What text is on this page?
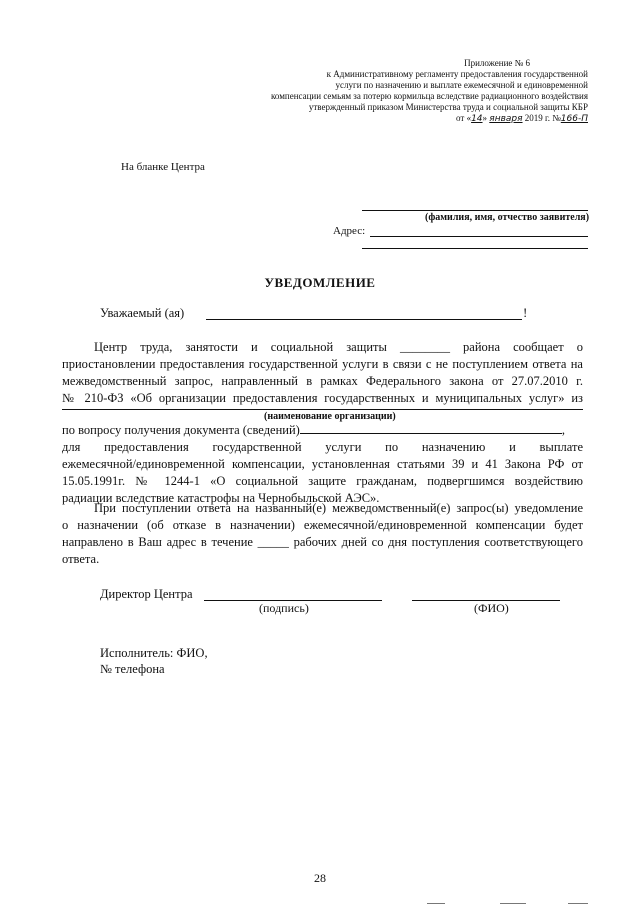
Приложение № 6
к Административному регламенту предоставления государственной
услуги по назначению и выплате ежемесячной и единовременной
компенсации семьям за потерю кормильца вследствие радиационного воздействия
утвержденный приказом Министерства труда и социальной защиты КБР
от «14» января 2019 г. №166-П
На бланке Центра
(фамилия, имя, отчество заявителя)
Адрес:
УВЕДОМЛЕНИЕ
Уважаемый (ая)	!
Центр труда, занятости и социальной защиты ________ района сообщает о
приостановлении предоставления государственной услуги в связи с не поступлением ответа на
межведомственный запрос, направленный в рамках Федерального закона от 27.07.2010 г.
№ 210-ФЗ «Об организации предоставления государственных и муниципальных услуг» из
(наименование организации)
по вопросу получения документа (сведений)	,
для предоставления государственной услуги по назначению и выплате
ежемесячной/единовременной компенсации, установленная статьями 39 и 41 Закона РФ от
15.05.1991г. № 1244-1 «О социальной защите гражданам, подвергшимся воздействию
радиации вследствие катастрофы на Чернобыльской АЭС».
При поступлении ответа на названный(е) межведомственный(е) запрос(ы) уведомление
о назначении (об отказе в назначении) ежемесячной/единовременной компенсации будет
направлено в Ваш адрес в течение _____ рабочих дней со дня поступления соответствующего
ответа.
Директор Центра
(подпись)	(ФИО)
Исполнитель: ФИО,
№ телефона
28
